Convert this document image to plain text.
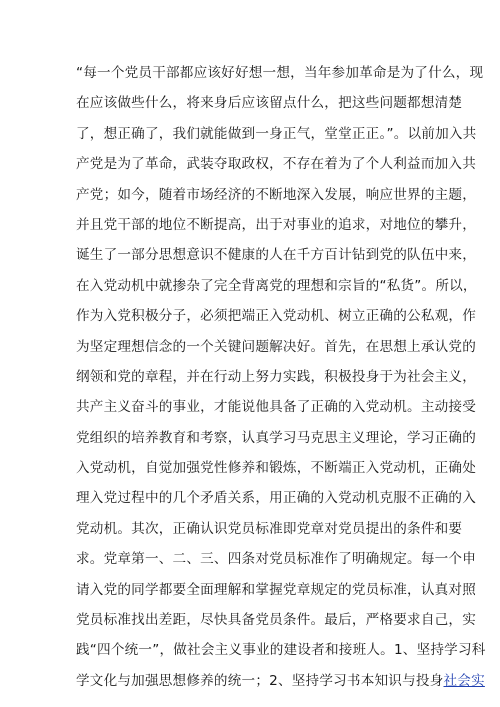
“每一个党员干部都应该好好想一想，当年参加革命是为了什么，现
在应该做些什么，将来身后应该留点什么，把这些问题都想清楚
了，想正确了，我们就能做到一身正气，堂堂正正。”。以前加入共
产党是为了革命，武装夺取政权，不存在着为了个人利益而加入共
产党；如今，随着市场经济的不断地深入发展，响应世界的主题，
并且党干部的地位不断提高，出于对事业的追求，对地位的攀升，
诞生了一部分思想意识不健康的人在千方百计钻到党的队伍中来，
在入党动机中就掺杂了完全背离党的理想和宗旨的“私货”。所以，
作为入党积极分子，必须把端正入党动机、树立正确的公私观，作
为坚定理想信念的一个关键问题解决好。首先，在思想上承认党的
纲领和党的章程，并在行动上努力实践，积极投身于为社会主义，
共产主义奋斗的事业，才能说他具备了正确的入党动机。主动接受
党组织的培养教育和考察，认真学习马克思主义理论，学习正确的
入党动机，自觉加强党性修养和锻炼，不断端正入党动机，正确处
理入党过程中的几个矛盾关系，用正确的入党动机克服不正确的入
党动机。其次，正确认识党员标准即党章对党员提出的条件和要
求。党章第一、二、三、四条对党员标准作了明确规定。每一个申
请入党的同学都要全面理解和掌握党章规定的党员标准，认真对照
党员标准找出差距，尽快具备党员条件。最后，严格要求自己，实
践“四个统一”，做社会主义事业的建设者和接班人。1、坚持学习科
学文化与加强思想修养的统一；2、坚持学习书本知识与投身社会实
